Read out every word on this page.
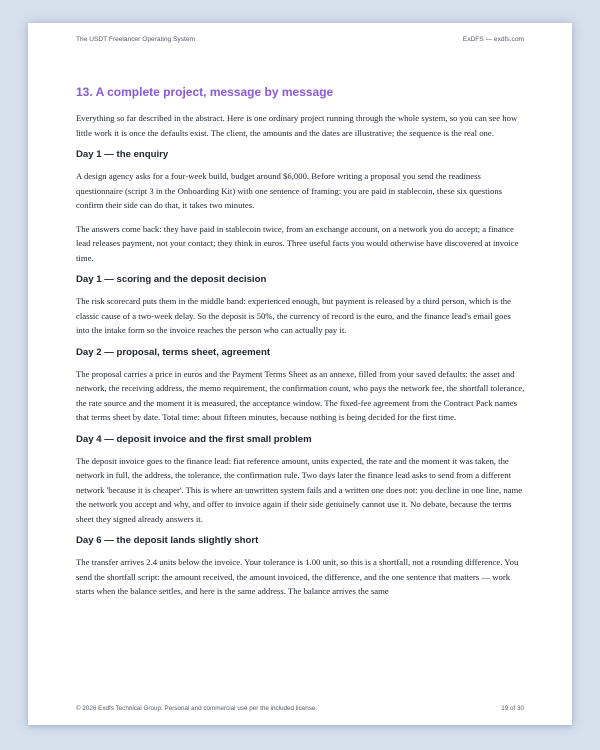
The USDT Freelancer Operating System	ExDFS — exdfs.com
13. A complete project, message by message

Everything so far described in the abstract. Here is one ordinary project running through the whole system, so you can see how little work it is once the defaults exist. The client, the amounts and the dates are illustrative; the sequence is the real one.

Day 1 — the enquiry

A design agency asks for a four-week build, budget around $6,000. Before writing a proposal you send the readiness questionnaire (script 3 in the Onboarding Kit) with one sentence of framing: you are paid in stablecoin, these six questions confirm their side can do that, it takes two minutes.

The answers come back: they have paid in stablecoin twice, from an exchange account, on a network you do accept; a finance lead releases payment, not your contact; they think in euros. Three useful facts you would otherwise have discovered at invoice time.

Day 1 — scoring and the deposit decision

The risk scorecard puts them in the middle band: experienced enough, but payment is released by a third person, which is the classic cause of a two-week delay. So the deposit is 50%, the currency of record is the euro, and the finance lead's email goes into the intake form so the invoice reaches the person who can actually pay it.

Day 2 — proposal, terms sheet, agreement

The proposal carries a price in euros and the Payment Terms Sheet as an annexe, filled from your saved defaults: the asset and network, the receiving address, the memo requirement, the confirmation count, who pays the network fee, the shortfall tolerance, the rate source and the moment it is measured, the acceptance window. The fixed-fee agreement from the Contract Pack names that terms sheet by date. Total time: about fifteen minutes, because nothing is being decided for the first time.

Day 4 — deposit invoice and the first small problem

The deposit invoice goes to the finance lead: fiat reference amount, units expected, the rate and the moment it was taken, the network in full, the address, the tolerance, the confirmation rule. Two days later the finance lead asks to send from a different network 'because it is cheaper'. This is where an unwritten system fails and a written one does not: you decline in one line, name the network you accept and why, and offer to invoice again if their side genuinely cannot use it. No debate, because the terms sheet they signed already answers it.

Day 6 — the deposit lands slightly short

The transfer arrives 2.4 units below the invoice. Your tolerance is 1.00 unit, so this is a shortfall, not a rounding difference. You send the shortfall script: the amount received, the amount invoiced, the difference, and the one sentence that matters — work starts when the balance settles, and here is the same address. The balance arrives the same

© 2026 Exdfs Technical Group. Personal and commercial use per the included license.	19 of 30
